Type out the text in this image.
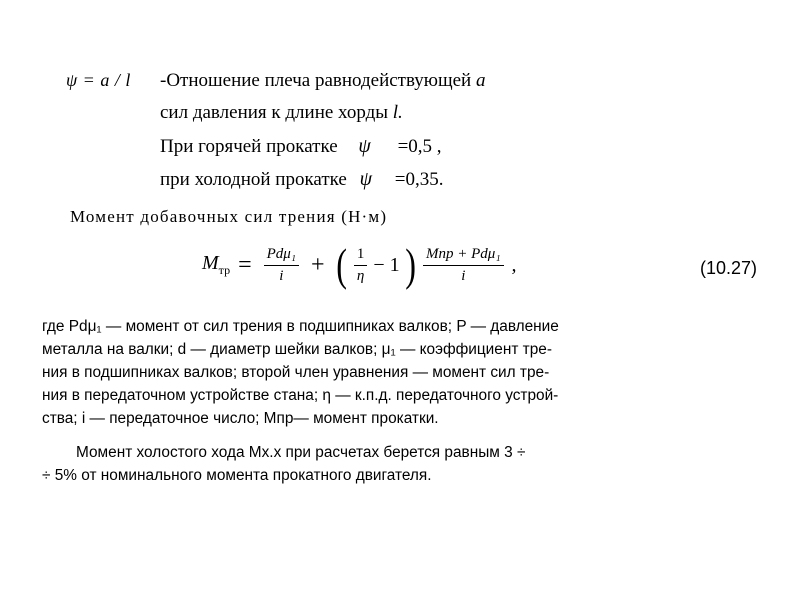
ψ = a / l -Отношение плеча равнодействующей a
сил давления к длине хорды l.
При горячей прокатке ψ =0,5 ,
при холодной прокатке ψ =0,35.
Момент добавочных сил трения (Н·м)
$M_{тр} = \frac{\text{Pdμ₁}}{i}$ + ( $\frac{1}{\eta} - 1$ ) $\frac{\text{Mпр + Pdμ₁}}{i}$ ,	(10.27)
где Pdμ₁ — момент от сил трения в подшипниках валков; P — давление
металла на валки; d — диаметр шейки валков; μ₁ — коэффициент тре-
ния в подшипниках валков; второй член уравнения — момент сил тре-
ния в передаточном устройстве стана; η — к.п.д. передаточного устрой-
ства; i — передаточное число; Mпр— момент прокатки.
Момент холостого хода Mх.х при расчетах берется равным 3 ÷
÷ 5% от номинального момента прокатного двигателя.
